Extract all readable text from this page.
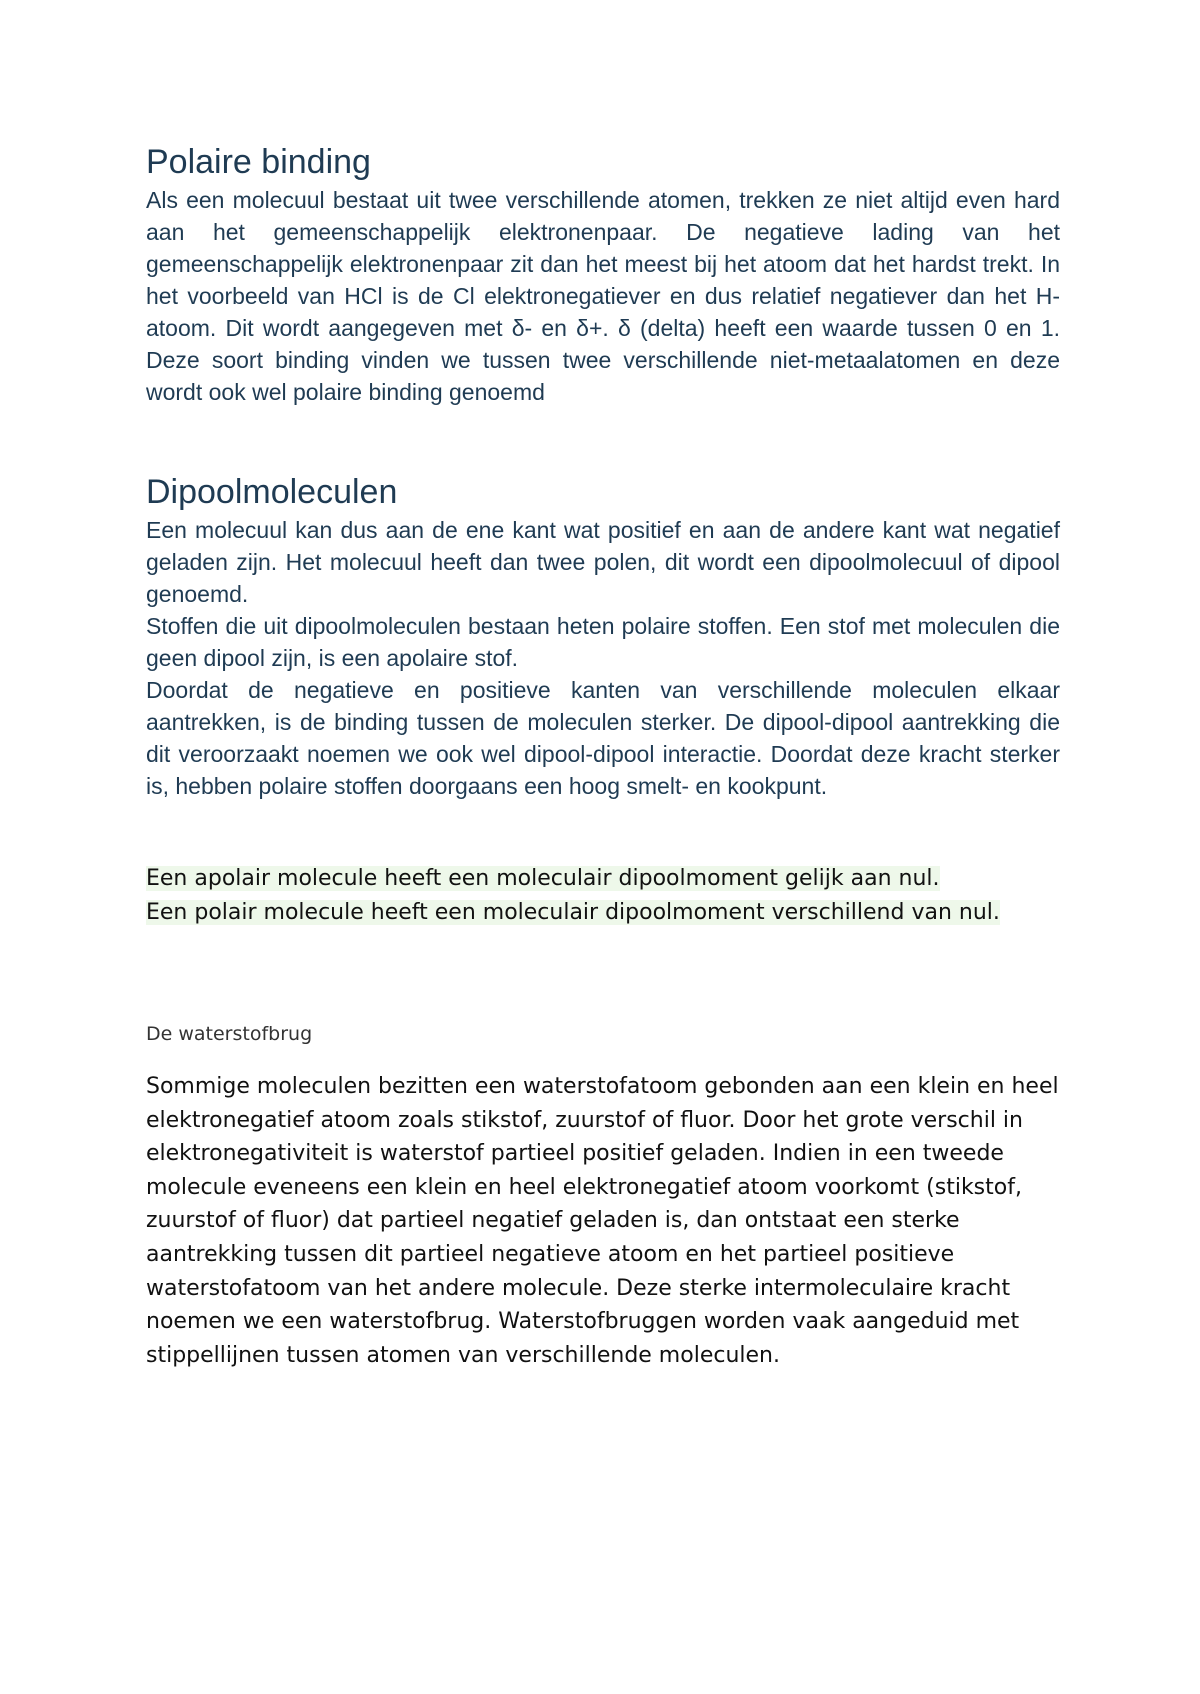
Polaire binding

Als een molecuul bestaat uit twee verschillende atomen, trekken ze niet altijd even hard aan het gemeenschappelijk elektronenpaar. De negatieve lading van het gemeenschappelijk elektronenpaar zit dan het meest bij het atoom dat het hardst trekt. In het voorbeeld van HCl is de Cl elektronegatiever en dus relatief negatiever dan het H-atoom. Dit wordt aangegeven met δ- en δ+. δ (delta) heeft een waarde tussen 0 en 1. Deze soort binding vinden we tussen twee verschillende niet-metaalatomen en deze wordt ook wel polaire binding genoemd

Dipoolmoleculen

Een molecuul kan dus aan de ene kant wat positief en aan de andere kant wat negatief geladen zijn. Het molecuul heeft dan twee polen, dit wordt een dipoolmolecuul of dipool genoemd.

Stoffen die uit dipoolmoleculen bestaan heten polaire stoffen. Een stof met moleculen die geen dipool zijn, is een apolaire stof.

Doordat de negatieve en positieve kanten van verschillende moleculen elkaar aantrekken, is de binding tussen de moleculen sterker. De dipool-dipool aantrekking die dit veroorzaakt noemen we ook wel dipool-dipool interactie. Doordat deze kracht sterker is, hebben polaire stoffen doorgaans een hoog smelt- en kookpunt.

Een apolair molecule heeft een moleculair dipoolmoment gelijk aan nul.
Een polair molecule heeft een moleculair dipoolmoment verschillend van nul.
De waterstofbrug

Sommige moleculen bezitten een waterstofatoom gebonden aan een klein en heel elektronegatief atoom zoals stikstof, zuurstof of fluor. Door het grote verschil in elektronegativiteit is waterstof partieel positief geladen. Indien in een tweede molecule eveneens een klein en heel elektronegatief atoom voorkomt (stikstof, zuurstof of fluor) dat partieel negatief geladen is, dan ontstaat een sterke aantrekking tussen dit partieel negatieve atoom en het partieel positieve waterstofatoom van het andere molecule. Deze sterke intermoleculaire kracht noemen we een waterstofbrug. Waterstofbruggen worden vaak aangeduid met stippellijnen tussen atomen van verschillende moleculen.
